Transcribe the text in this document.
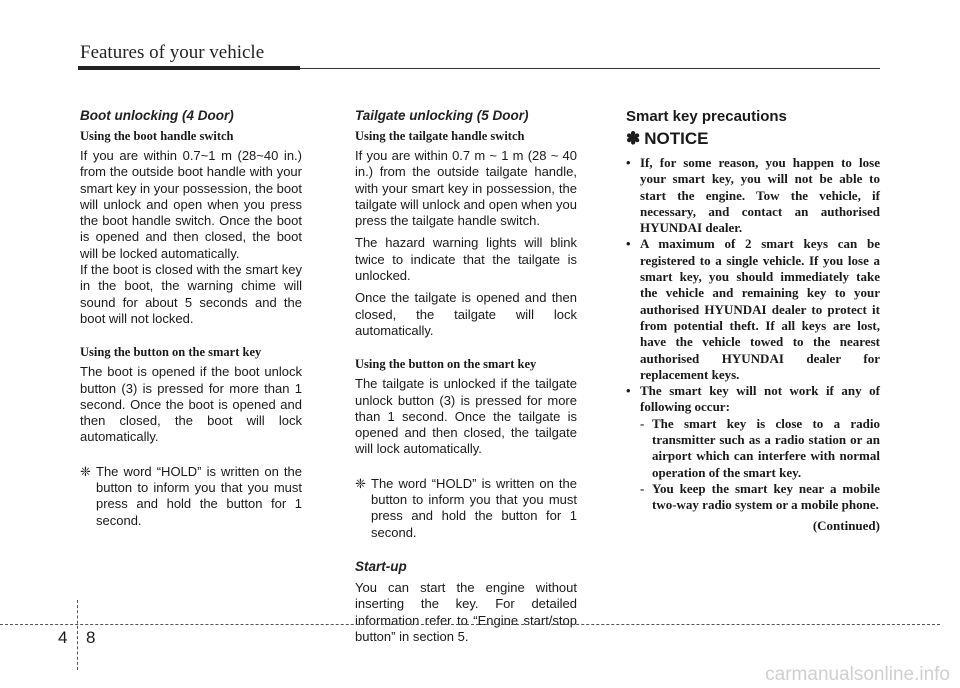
Features of your vehicle
Boot unlocking (4 Door)
Using the boot handle switch

If you are within 0.7~1 m (28~40 in.) from the outside boot handle with your smart key in your possession, the boot will unlock and open when you press the boot handle switch. Once the boot is opened and then closed, the boot will be locked automatically.

If the boot is closed with the smart key in the boot, the warning chime will sound for about 5 seconds and the boot will not locked.

Using the button on the smart key

The boot is opened if the boot unlock button (3) is pressed for more than 1 second. Once the boot is opened and then closed, the boot will lock automatically.

❈ The word “HOLD” is written on the button to inform you that you must press and hold the button for 1 second.

Tailgate unlocking (5 Door)
Using the tailgate handle switch

If you are within 0.7 m ~ 1 m (28 ~ 40 in.) from the outside tailgate handle, with your smart key in possession, the tailgate will unlock and open when you press the tailgate handle switch.

The hazard warning lights will blink twice to indicate that the tailgate is unlocked.

Once the tailgate is opened and then closed, the tailgate will lock automatically.

Using the button on the smart key

The tailgate is unlocked if the tailgate unlock button (3) is pressed for more than 1 second. Once the tailgate is opened and then closed, the tailgate will lock automatically.

❈ The word “HOLD” is written on the button to inform you that you must press and hold the button for 1 second.

Start-up

You can start the engine without inserting the key. For detailed information refer to “Engine start/stop button” in section 5.

Smart key precautions
✽ NOTICE
• If, for some reason, you happen to lose your smart key, you will not be able to start the engine. Tow the vehicle, if necessary, and contact an authorised HYUNDAI dealer.
• A maximum of 2 smart keys can be registered to a single vehicle. If you lose a smart key, you should immediately take the vehicle and remaining key to your authorised HYUNDAI dealer to protect it from potential theft. If all keys are lost, have the vehicle towed to the nearest authorised HYUNDAI dealer for replacement keys.
• The smart key will not work if any of following occur:
- The smart key is close to a radio transmitter such as a radio station or an airport which can interfere with normal operation of the smart key.
- You keep the smart key near a mobile two-way radio system or a mobile phone.
(Continued)
4 8
carmanualsonline.info
